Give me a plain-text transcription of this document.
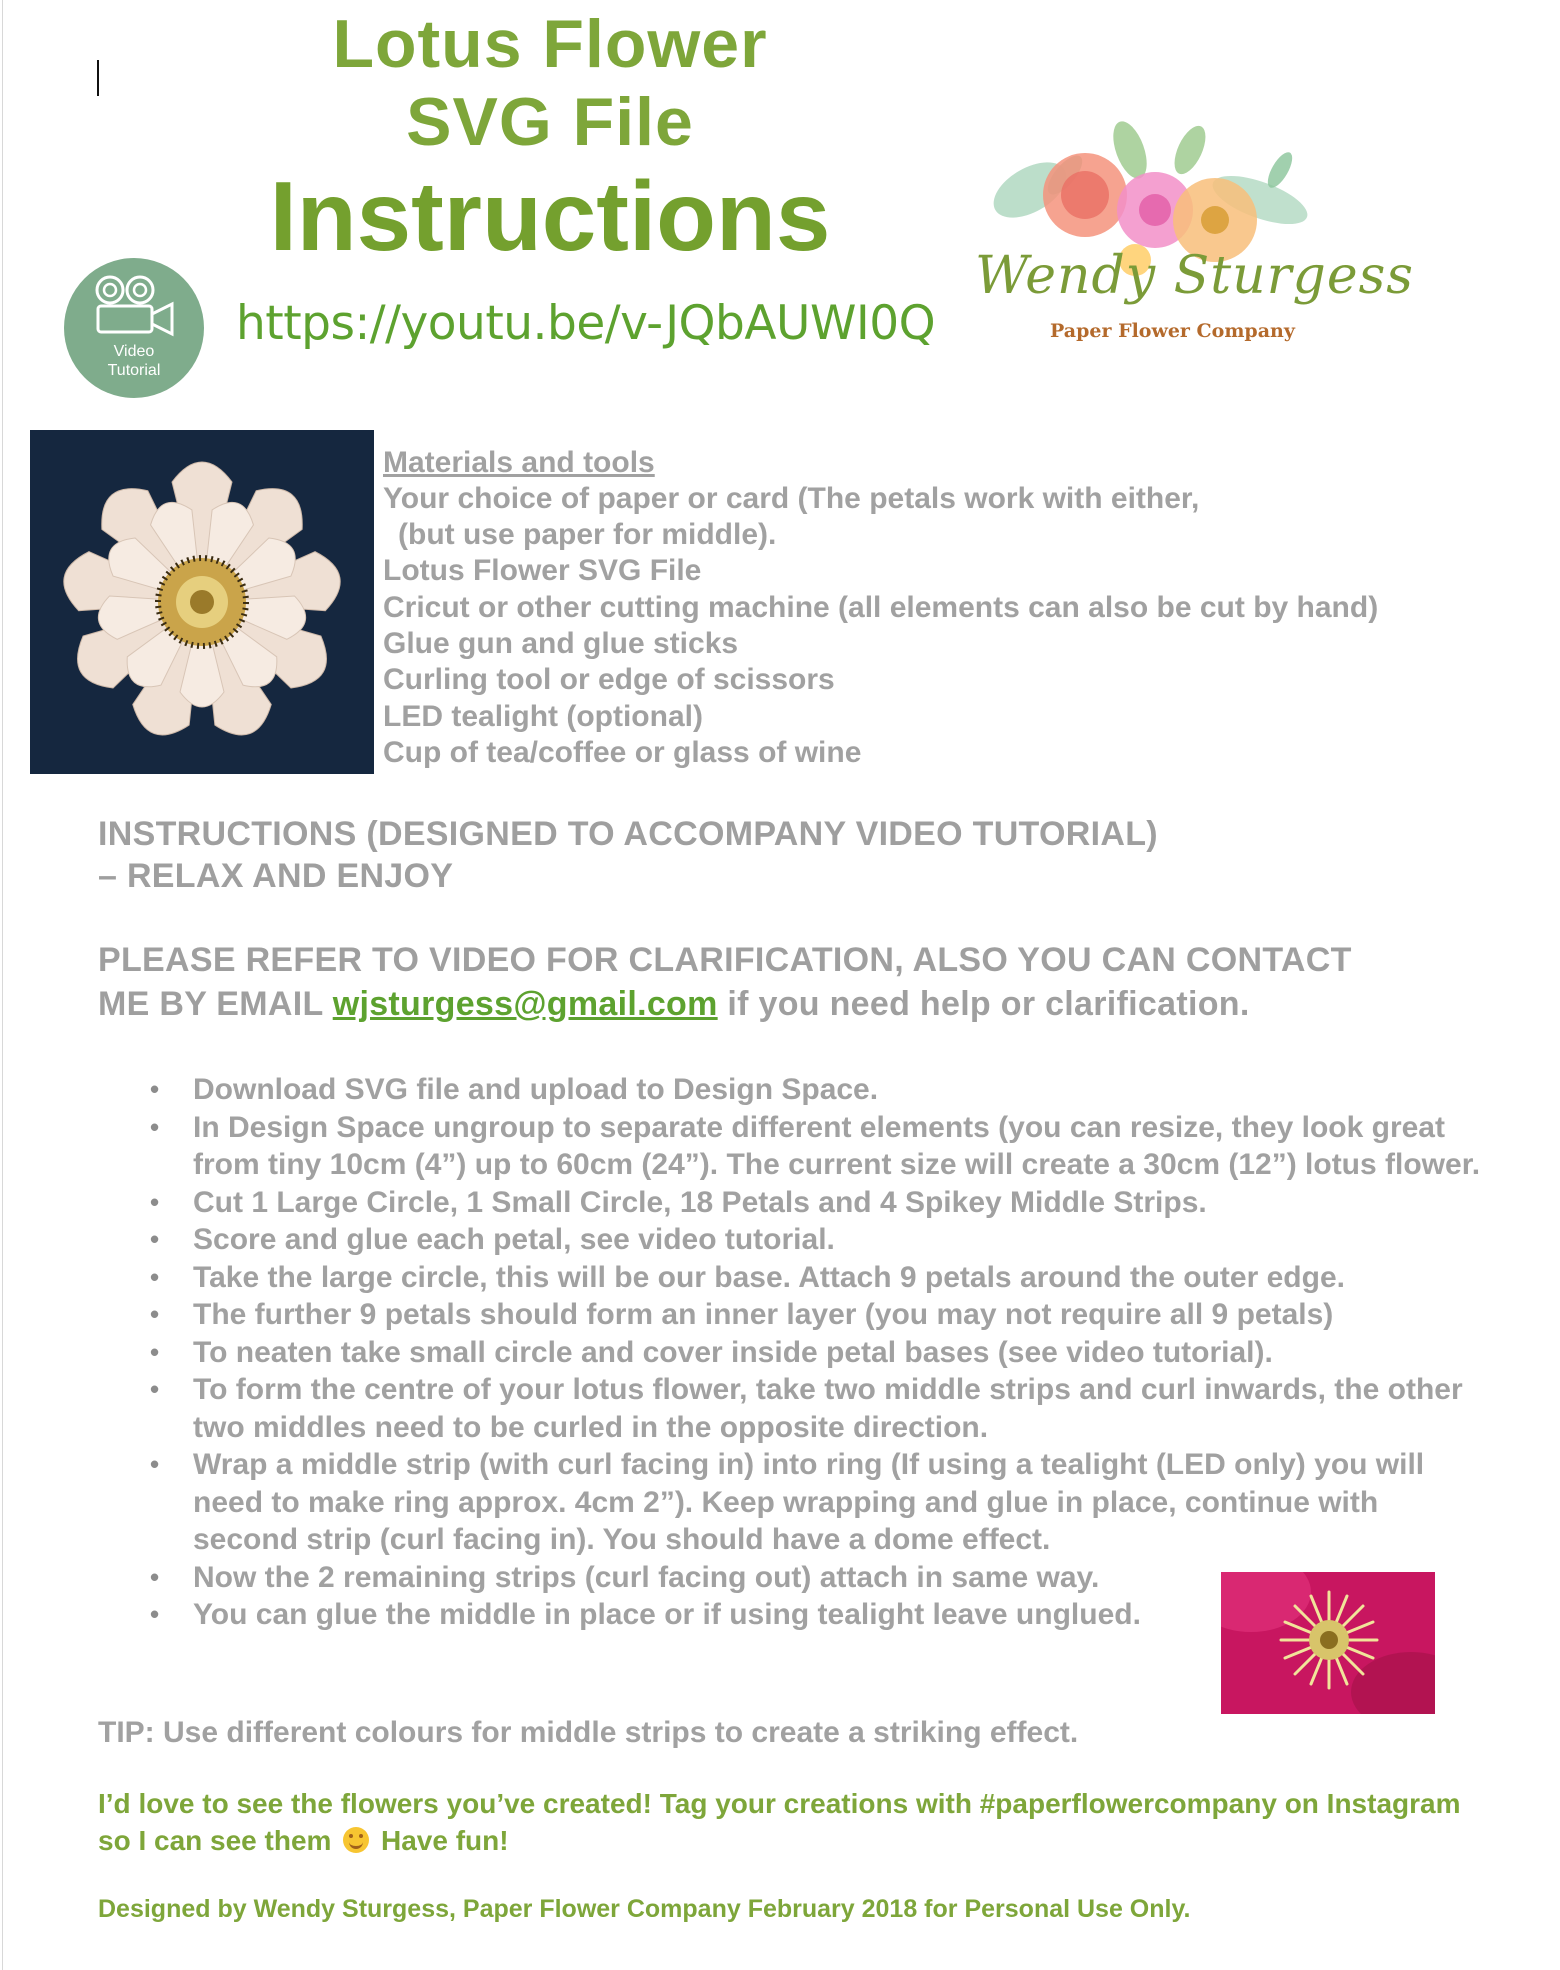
Lotus Flower
SVG File
Instructions
Video
Tutorial
https://youtu.be/v-JQbAUWI0Q
Wendy Sturgess
Paper Flower Company

Materials and tools

Your choice of paper or card (The petals work with either,

(but use paper for middle).

Lotus Flower SVG File

Cricut or other cutting machine (all elements can also be cut by hand)

Glue gun and glue sticks

Curling tool or edge of scissors

LED tealight (optional)

Cup of tea/coffee or glass of wine

INSTRUCTIONS (DESIGNED TO ACCOMPANY VIDEO TUTORIAL)

– RELAX AND ENJOY

PLEASE REFER TO VIDEO FOR CLARIFICATION, ALSO YOU CAN CONTACT

ME BY EMAIL wjsturgess@gmail.com if you need help or clarification.

• Download SVG file and upload to Design Space.
• In Design Space ungroup to separate different elements (you can resize, they look great from tiny 10cm (4”) up to 60cm (24”). The current size will create a 30cm (12”) lotus flower.
• Cut 1 Large Circle, 1 Small Circle, 18 Petals and 4 Spikey Middle Strips.
• Score and glue each petal, see video tutorial.
• Take the large circle, this will be our base. Attach 9 petals around the outer edge.
• The further 9 petals should form an inner layer (you may not require all 9 petals)
• To neaten take small circle and cover inside petal bases (see video tutorial).
• To form the centre of your lotus flower, take two middle strips and curl inwards, the other two middles need to be curled in the opposite direction.
• Wrap a middle strip (with curl facing in) into ring (If using a tealight (LED only) you will need to make ring approx. 4cm 2”). Keep wrapping and glue in place, continue with second strip (curl facing in). You should have a dome effect.
• Now the 2 remaining strips (curl facing out) attach in same way.
• You can glue the middle in place or if using tealight leave unglued.

TIP: Use different colours for middle strips to create a striking effect.

I’d love to see the flowers you’ve created! Tag your creations with #paperflowercompany on Instagram so I can see them Have fun!

Designed by Wendy Sturgess, Paper Flower Company February 2018 for Personal Use Only.
